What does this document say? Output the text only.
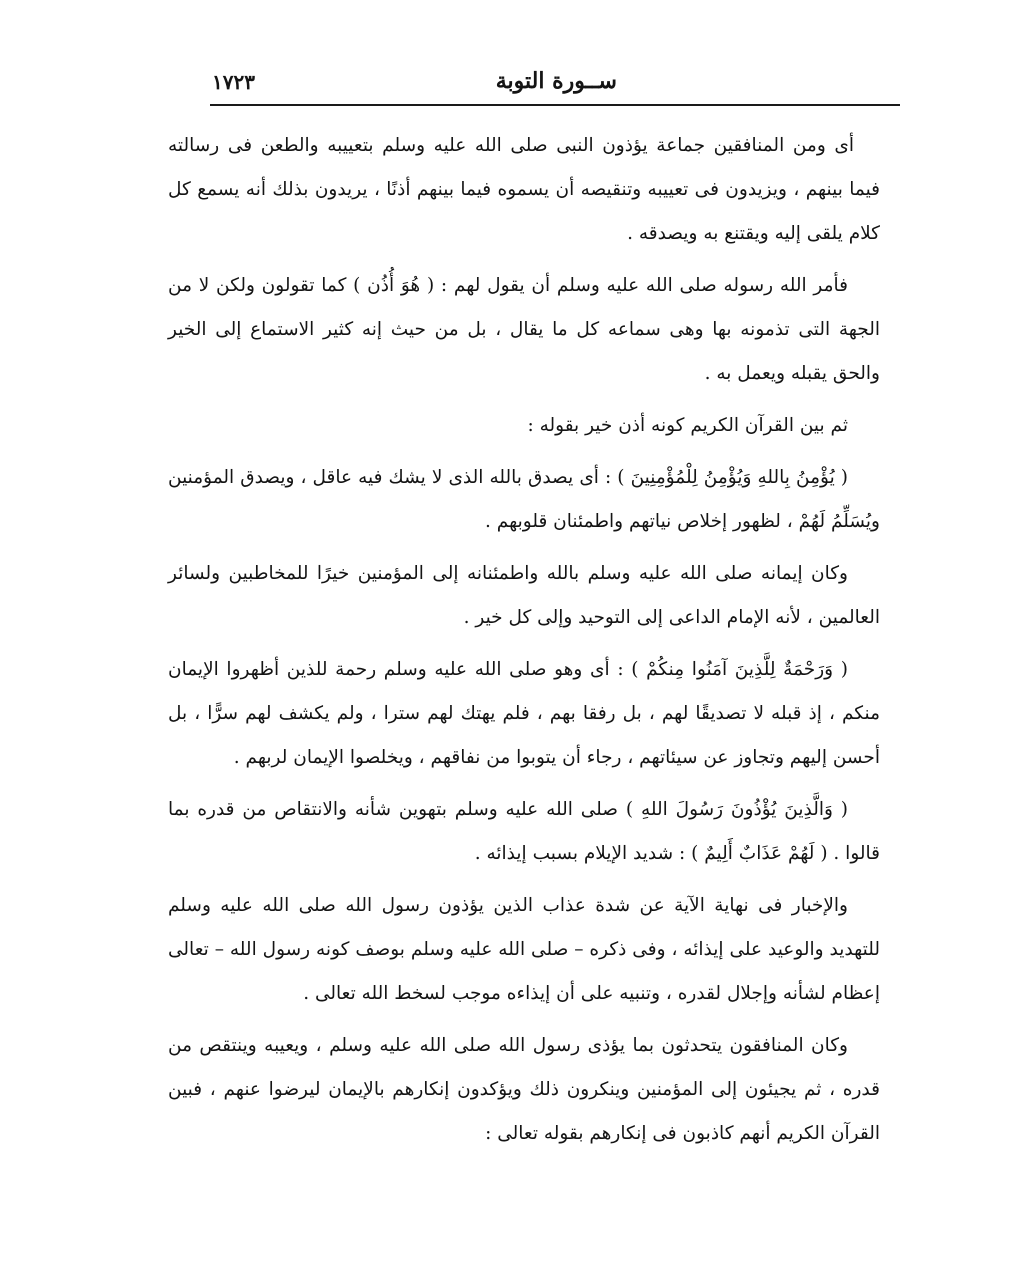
ســورة التوبة
١٧٢٣

أى ومن المنافقين جماعة يؤذون النبى صلى الله عليه وسلم بتعييبه والطعن فى رسالته فيما بينهم ، ويزيدون فى تعييبه وتنقيصه أن يسموه فيما بينهم أذنًا ، يريدون بذلك أنه يسمع كل كلام يلقى إليه ويقتنع به ويصدقه .

فأمر الله رسوله صلى الله عليه وسلم أن يقول لهم : ( هُوَ أُذُن ) كما تقولون ولكن لا من الجهة التى تذمونه بها وهى سماعه كل ما يقال ، بل من حيث إنه كثير الاستماع إلى الخير والحق يقبله ويعمل به .

ثم بين القرآن الكريم كونه أذن خير بقوله :

( يُؤْمِنُ بِاللهِ وَيُؤْمِنُ لِلْمُؤْمِنِينَ ) : أى يصدق بالله الذى لا يشك فيه عاقل ، ويصدق المؤمنين ويُسَلِّمُ لَهُمْ ، لظهور إخلاص نياتهم واطمئنان قلوبهم .

وكان إيمانه صلى الله عليه وسلم بالله واطمئنانه إلى المؤمنين خيرًا للمخاطبين ولسائر العالمين ، لأنه الإمام الداعى إلى التوحيد وإلى كل خير .

( وَرَحْمَةٌ لِلَّذِينَ آمَنُوا مِنكُمْ ) : أى وهو صلى الله عليه وسلم رحمة للذين أظهروا الإيمان منكم ، إذ قبله لا تصديقًا لهم ، بل رفقا بهم ، فلم يهتك لهم سترا ، ولم يكشف لهم سرًّا ، بل أحسن إليهم وتجاوز عن سيئاتهم ، رجاء أن يتوبوا من نفاقهم ، ويخلصوا الإيمان لربهم .

( وَالَّذِينَ يُؤْذُونَ رَسُولَ اللهِ ) صلى الله عليه وسلم بتهوين شأنه والانتقاص من قدره بما قالوا . ( لَهُمْ عَذَابٌ أَلِيمٌ ) : شديد الإيلام بسبب إيذائه .

والإخبار فى نهاية الآية عن شدة عذاب الذين يؤذون رسول الله صلى الله عليه وسلم للتهديد والوعيد على إيذائه ، وفى ذكره – صلى الله عليه وسلم بوصف كونه رسول الله – تعالى إعظام لشأنه وإجلال لقدره ، وتنبيه على أن إيذاءه موجب لسخط الله تعالى .

وكان المنافقون يتحدثون بما يؤذى رسول الله صلى الله عليه وسلم ، ويعيبه وينتقص من قدره ، ثم يجيئون إلى المؤمنين وينكرون ذلك ويؤكدون إنكارهم بالإيمان ليرضوا عنهم ، فبين القرآن الكريم أنهم كاذبون فى إنكارهم بقوله تعالى :
